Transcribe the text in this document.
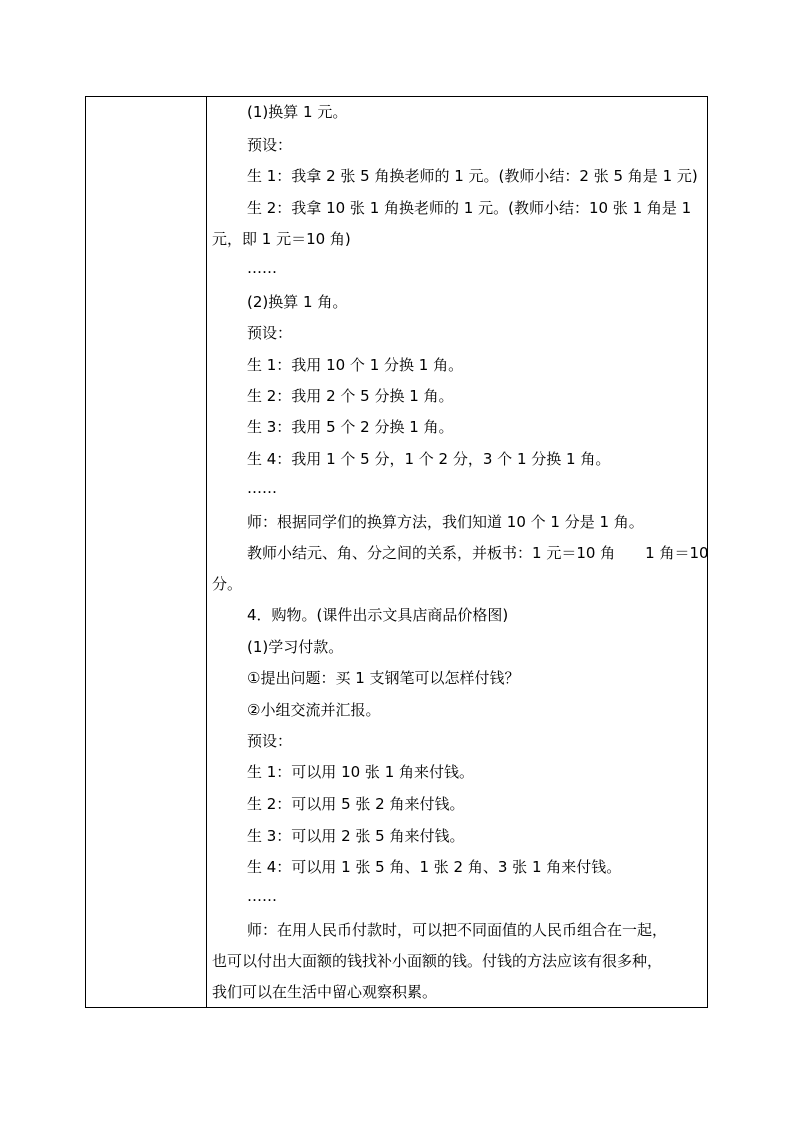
(1)换算 1 元。
预设：
生 1：我拿 2 张 5 角换老师的 1 元。(教师小结：2 张 5 角是 1 元)
生 2：我拿 10 张 1 角换老师的 1 元。(教师小结：10 张 1 角是 1
元，即 1 元＝10 角)
……
(2)换算 1 角。
预设：
生 1：我用 10 个 1 分换 1 角。
生 2：我用 2 个 5 分换 1 角。
生 3：我用 5 个 2 分换 1 角。
生 4：我用 1 个 5 分，1 个 2 分，3 个 1 分换 1 角。
……
师：根据同学们的换算方法，我们知道 10 个 1 分是 1 角。
教师小结元、角、分之间的关系，并板书：1 元＝10 角　　1 角＝10
分。
4．购物。(课件出示文具店商品价格图)
(1)学习付款。
①提出问题：买 1 支钢笔可以怎样付钱？
②小组交流并汇报。
预设：
生 1：可以用 10 张 1 角来付钱。
生 2：可以用 5 张 2 角来付钱。
生 3：可以用 2 张 5 角来付钱。
生 4：可以用 1 张 5 角、1 张 2 角、3 张 1 角来付钱。
……
师：在用人民币付款时，可以把不同面值的人民币组合在一起，
也可以付出大面额的钱找补小面额的钱。付钱的方法应该有很多种，
我们可以在生活中留心观察积累。
